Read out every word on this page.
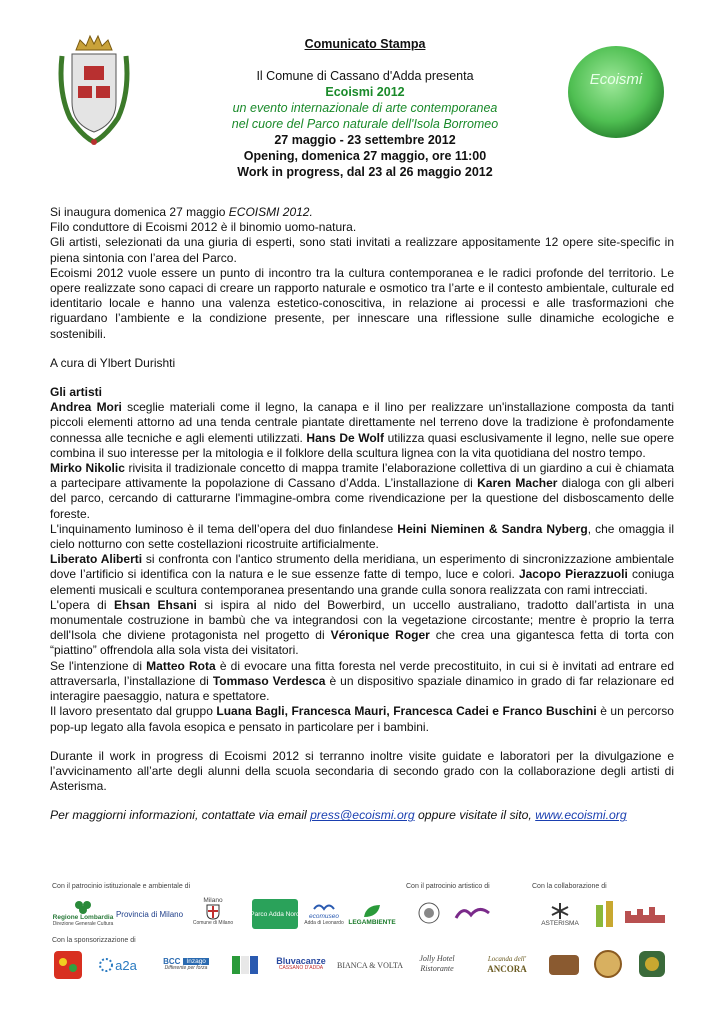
Ecoismi
Comunicato Stampa
Il Comune di Cassano d'Adda presenta
Ecoismi 2012
un evento internazionale di arte contemporanea
nel cuore del Parco naturale dell'Isola Borromeo
27 maggio - 23 settembre 2012
Opening, domenica 27 maggio, ore 11:00
Work in progress, dal 23 al 26 maggio 2012

Si inaugura domenica 27 maggio ECOISMI 2012.

Filo conduttore di Ecoismi 2012 è il binomio uomo-natura.

Gli artisti, selezionati da una giuria di esperti, sono stati invitati a realizzare appositamente 12 opere site-specific in piena sintonia con l’area del Parco.

Ecoismi 2012 vuole essere un punto di incontro tra la cultura contemporanea e le radici profonde del territorio. Le opere realizzate sono capaci di creare un rapporto naturale e osmotico tra l’arte e il contesto ambientale, culturale ed identitario locale e hanno una valenza estetico-conoscitiva, in relazione ai processi e alle trasformazioni che riguardano l’ambiente e la condizione presente, per innescare una riflessione sulle dinamiche ecologiche e sostenibili.

A cura di Ylbert Durishti

Gli artisti

Andrea Mori sceglie materiali come il legno, la canapa e il lino per realizzare un'installazione composta da tanti piccoli elementi attorno ad una tenda centrale piantate direttamente nel terreno dove la tradizione è profondamente connessa alle tecniche e agli elementi utilizzati. Hans De Wolf utilizza quasi esclusivamente il legno, nelle sue opere combina il suo interesse per la mitologia e il folklore della scultura lignea con la vita quotidiana del nostro tempo.

Mirko Nikolic rivisita il tradizionale concetto di mappa tramite l’elaborazione collettiva di un giardino a cui è chiamata a partecipare attivamente la popolazione di Cassano d’Adda. L’installazione di Karen Macher dialoga con gli alberi del parco, cercando di catturarne l'immagine-ombra come rivendicazione per la questione del disboscamento delle foreste.

L'inquinamento luminoso è il tema dell’opera del duo finlandese Heini Nieminen & Sandra Nyberg, che omaggia il cielo notturno con sette costellazioni ricostruite artificialmente.

Liberato Aliberti si confronta con l'antico strumento della meridiana, un esperimento di sincronizzazione ambientale dove l’artificio si identifica con la natura e le sue essenze fatte di tempo, luce e colori. Jacopo Pierazzuoli coniuga elementi musicali e scultura contemporanea presentando una grande culla sonora realizzata con rami intrecciati.

L'opera di Ehsan Ehsani si ispira al nido del Bowerbird, un uccello australiano, tradotto dall’artista in una monumentale costruzione in bambù che va integrandosi con la vegetazione circostante; mentre è proprio la terra dell'Isola che diviene protagonista nel progetto di Véronique Roger che crea una gigantesca fetta di torta con “piattino” offrendola alla sola vista dei visitatori.

Se l'intenzione di Matteo Rota è di evocare una fitta foresta nel verde precostituito, in cui si è invitati ad entrare ed attraversarla, l’installazione di Tommaso Verdesca è un dispositivo spaziale dinamico in grado di far relazionare ed interagire paesaggio, natura e spettatore.

Il lavoro presentato dal gruppo Luana Bagli, Francesca Mauri, Francesca Cadei e Franco Buschini è un percorso pop-up legato alla favola esopica e pensato in particolare per i bambini.

Durante il work in progress di Ecoismi 2012 si terranno inoltre visite guidate e laboratori per la divulgazione e l’avvicinamento all’arte degli alunni della scuola secondaria di secondo grado con la collaborazione degli artisti di Asterisma.

Per maggiorni informazioni, contattate via email press@ecoismi.org oppure visitate il sito, www.ecoismi.org

Con il patrocinio istituzionale e ambientale di	Con il patrocinio artistico di	Con la collaborazione di
Regione Lombardia
Direzione Generale Cultura
Provincia di Milano
Milano
Comune di Milano
Parco Adda Nord ecomuseo
Adda di Leonardo LEGAMBIENTE	ASTERISMA
Con la sponsorizzazione di
a2a	BCC Inzago
Differente per forza
Bluvacanze
CASSANO D'ADDA BIANCA & VOLTA
Jolly Hotel
Ristorante
Locanda dell'
ANCORA
